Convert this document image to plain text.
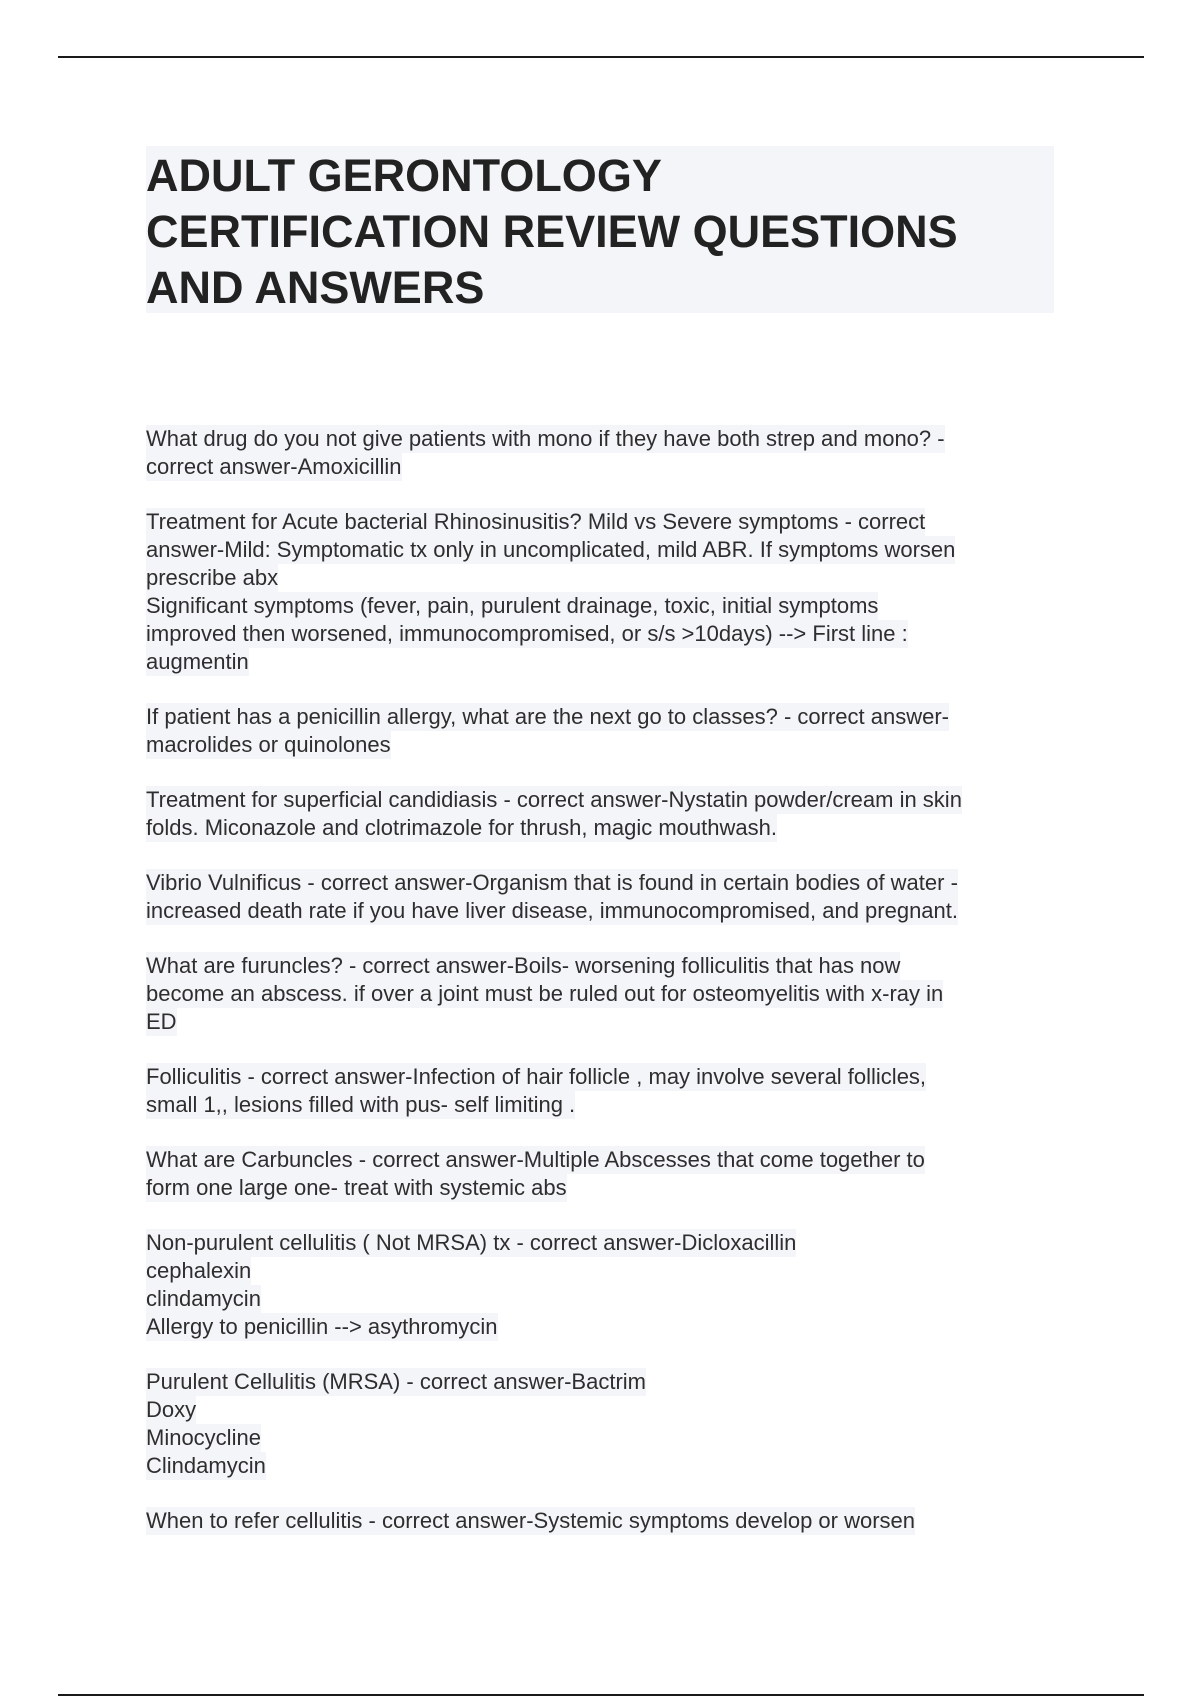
ADULT GERONTOLOGY
CERTIFICATION REVIEW QUESTIONS
AND ANSWERS
What drug do you not give patients with mono if they have both strep and mono? -
correct answer-Amoxicillin
Treatment for Acute bacterial Rhinosinusitis? Mild vs Severe symptoms - correct
answer-Mild: Symptomatic tx only in uncomplicated, mild ABR. If symptoms worsen
prescribe abx
Significant symptoms (fever, pain, purulent drainage, toxic, initial symptoms
improved then worsened, immunocompromised, or s/s >10days) --> First line :
augmentin
If patient has a penicillin allergy, what are the next go to classes? - correct answer-
macrolides or quinolones
Treatment for superficial candidiasis - correct answer-Nystatin powder/cream in skin
folds. Miconazole and clotrimazole for thrush, magic mouthwash.
Vibrio Vulnificus - correct answer-Organism that is found in certain bodies of water -
increased death rate if you have liver disease, immunocompromised, and pregnant.
What are furuncles? - correct answer-Boils- worsening folliculitis that has now
become an abscess. if over a joint must be ruled out for osteomyelitis with x-ray in
ED
Folliculitis - correct answer-Infection of hair follicle , may involve several follicles,
small 1,, lesions filled with pus- self limiting .
What are Carbuncles - correct answer-Multiple Abscesses that come together to
form one large one- treat with systemic abs
Non-purulent cellulitis ( Not MRSA) tx - correct answer-Dicloxacillin
cephalexin
clindamycin
Allergy to penicillin --> asythromycin
Purulent Cellulitis (MRSA) - correct answer-Bactrim
Doxy
Minocycline
Clindamycin
When to refer cellulitis - correct answer-Systemic symptoms develop or worsen
